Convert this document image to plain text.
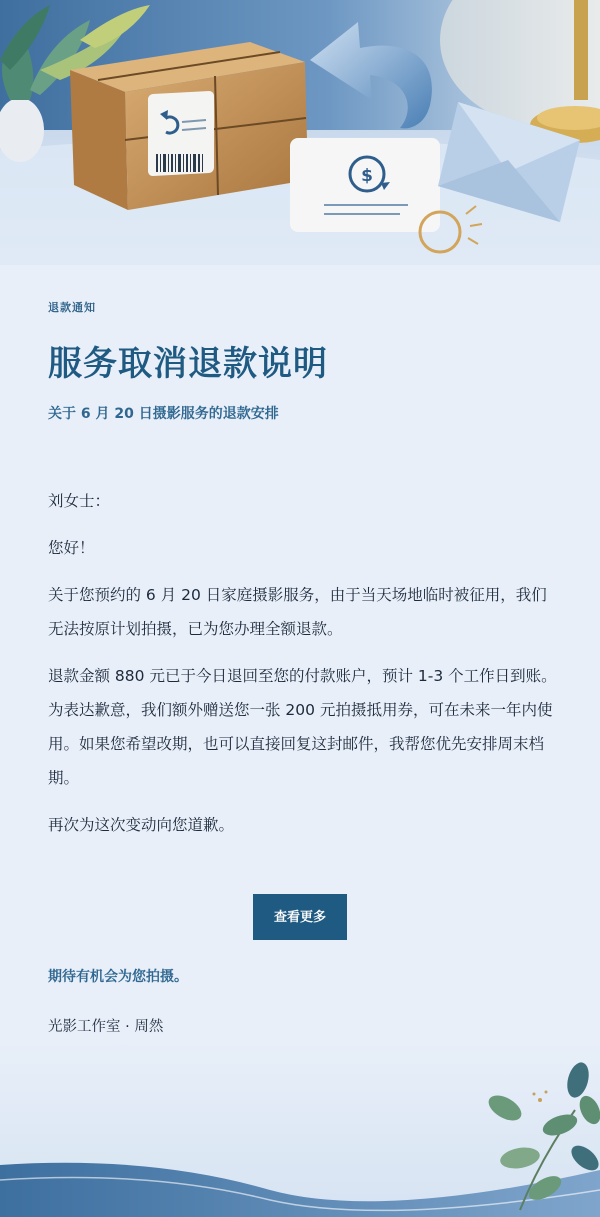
$

退款通知

服务取消退款说明

关于 6 月 20 日摄影服务的退款安排

刘女士：

您好！

关于您预约的 6 月 20 日家庭摄影服务，由于当天场地临时被征用，我们无法按原计划拍摄，已为您办理全额退款。

退款金额 880 元已于今日退回至您的付款账户，预计 1-3 个工作日到账。为表达歉意，我们额外赠送您一张 200 元拍摄抵用券，可在未来一年内使用。如果您希望改期，也可以直接回复这封邮件，我帮您优先安排周末档期。

再次为这次变动向您道歉。

查看更多
期待有机会为您拍摄。
光影工作室 · 周然
